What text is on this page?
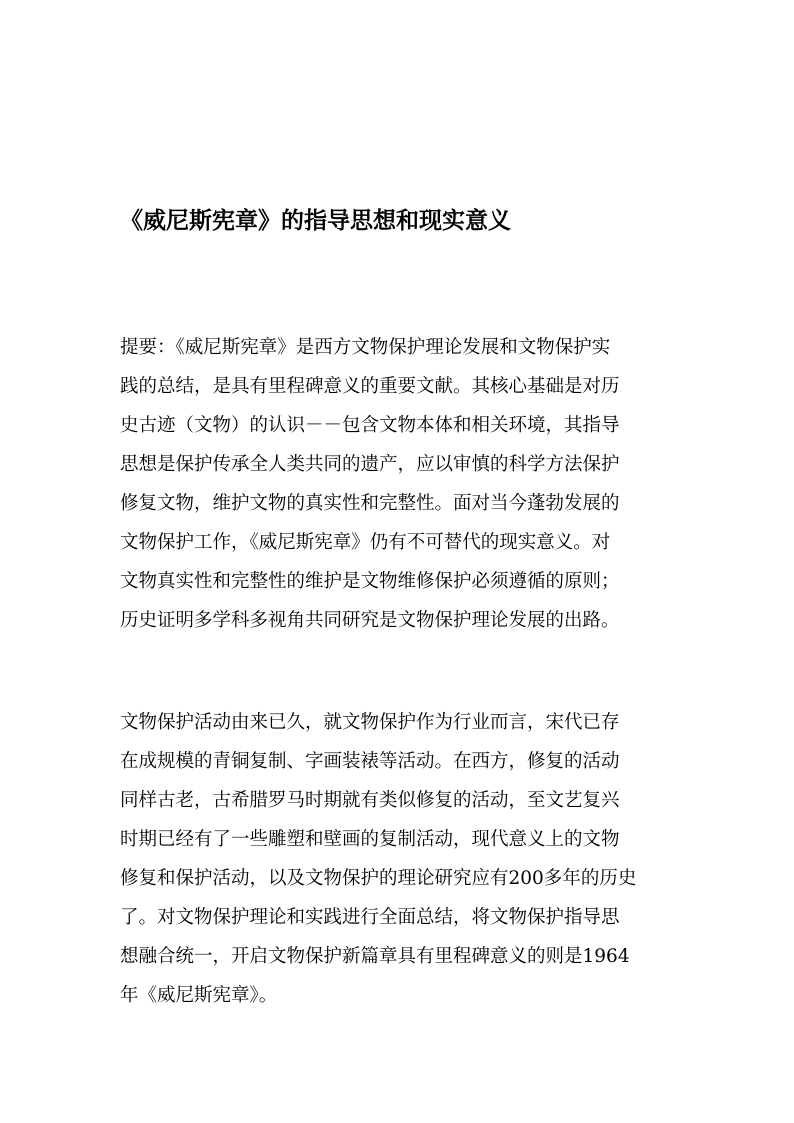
《威尼斯宪章》的指导思想和现实意义
提要：《威尼斯宪章》是西方文物保护理论发展和文物保护实
践的总结，是具有里程碑意义的重要文献。其核心基础是对历
史古迹（文物）的认识－－包含文物本体和相关环境，其指导
思想是保护传承全人类共同的遗产，应以审慎的科学方法保护
修复文物，维护文物的真实性和完整性。面对当今蓬勃发展的
文物保护工作，《威尼斯宪章》仍有不可替代的现实意义。对
文物真实性和完整性的维护是文物维修保护必须遵循的原则；
历史证明多学科多视角共同研究是文物保护理论发展的出路。
文物保护活动由来已久，就文物保护作为行业而言，宋代已存
在成规模的青铜复制、字画装裱等活动。在西方，修复的活动
同样古老，古希腊罗马时期就有类似修复的活动，至文艺复兴
时期已经有了一些雕塑和壁画的复制活动，现代意义上的文物
修复和保护活动，以及文物保护的理论研究应有200多年的历史
了。对文物保护理论和实践进行全面总结，将文物保护指导思
想融合统一，开启文物保护新篇章具有里程碑意义的则是1964
年《威尼斯宪章》。
